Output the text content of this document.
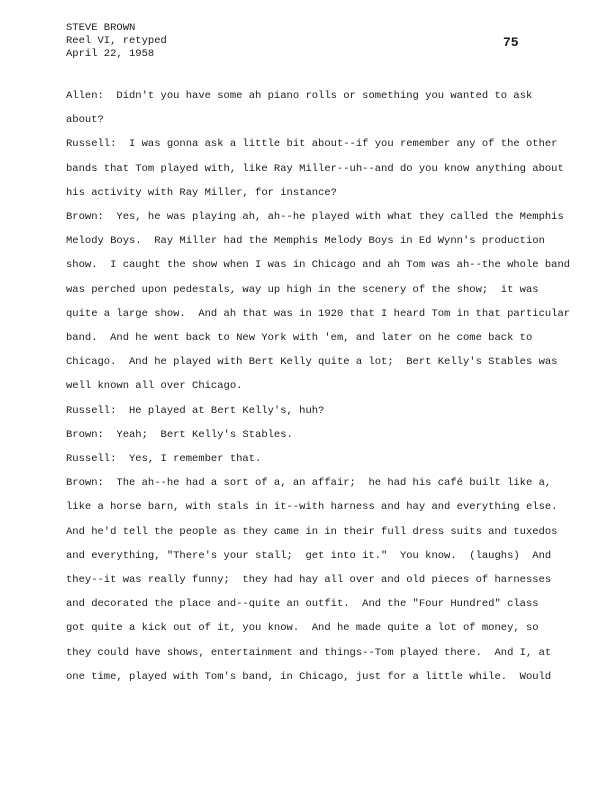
STEVE BROWN
Reel VI, retyped
April 22, 1958
75
Allen:  Didn't you have some ah piano rolls or something you wanted to ask
about?
Russell:  I was gonna ask a little bit about--if you remember any of the other
bands that Tom played with, like Ray Miller--uh--and do you know anything about
his activity with Ray Miller, for instance?
Brown:  Yes, he was playing ah, ah--he played with what they called the Memphis
Melody Boys.  Ray Miller had the Memphis Melody Boys in Ed Wynn's production
show.  I caught the show when I was in Chicago and ah Tom was ah--the whole band
was perched upon pedestals, way up high in the scenery of the show;  it was
quite a large show.  And ah that was in 1920 that I heard Tom in that particular
band.  And he went back to New York with 'em, and later on he come back to
Chicago.  And he played with Bert Kelly quite a lot;  Bert Kelly's Stables was
well known all over Chicago.
Russell:  He played at Bert Kelly's, huh?
Brown:  Yeah;  Bert Kelly's Stables.
Russell:  Yes, I remember that.
Brown:  The ah--he had a sort of a, an affair;  he had his café built like a,
like a horse barn, with stals in it--with harness and hay and everything else.
And he'd tell the people as they came in in their full dress suits and tuxedos
and everything, "There's your stall;  get into it."  You know.  (laughs)  And
they--it was really funny;  they had hay all over and old pieces of harnesses
and decorated the place and--quite an outfit.  And the "Four Hundred" class
got quite a kick out of it, you know.  And he made quite a lot of money, so
they could have shows, entertainment and things--Tom played there.  And I, at
one time, played with Tom's band, in Chicago, just for a little while.  Would
